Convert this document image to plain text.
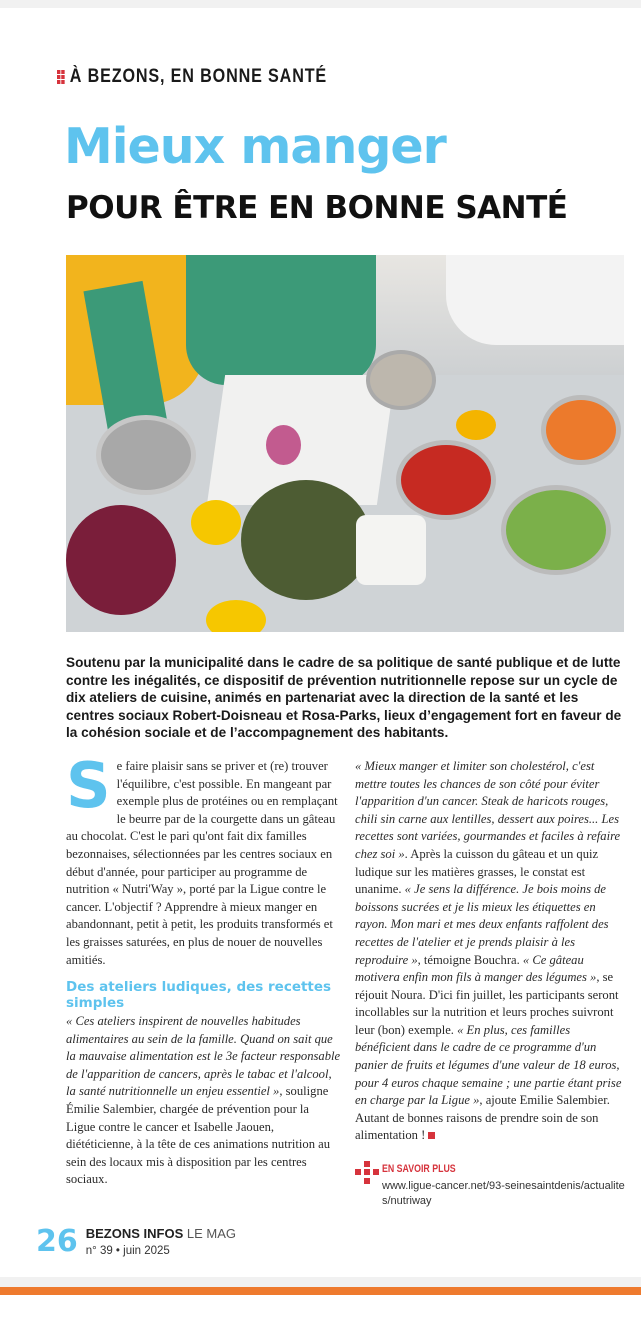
À BEZONS, EN BONNE SANTÉ
Mieux manger
POUR ÊTRE EN BONNE SANTÉ

Soutenu par la municipalité dans le cadre de sa politique de santé publique et de lutte contre les inégalités, ce dispositif de prévention nutritionnelle repose sur un cycle de dix ateliers de cuisine, animés en partenariat avec la direction de la santé et les centres sociaux Robert-Doisneau et Rosa-Parks, lieux d’engagement fort en faveur de la cohésion sociale et de l’accompagnement des habitants.

Se faire plaisir sans se priver et (re) trouver l'équilibre, c'est possible. En mangeant par exemple plus de protéines ou en remplaçant le beurre par de la courgette dans un gâteau au chocolat. C'est le pari qu'ont fait dix familles bezonnaises, sélectionnées par les centres sociaux en début d'année, pour participer au programme de nutrition « Nutri'Way », porté par la Ligue contre le cancer. L'objectif ? Apprendre à mieux manger en abandonnant, petit à petit, les produits transformés et les graisses saturées, en plus de nouer de nouvelles amitiés.

Des ateliers ludiques, des recettes simples

« Ces ateliers inspirent de nouvelles habitudes alimentaires au sein de la famille. Quand on sait que la mauvaise alimentation est le 3e facteur responsable de l'apparition de cancers, après le tabac et l'alcool, la santé nutritionnelle un enjeu essentiel », souligne Émilie Salembier, chargée de prévention pour la Ligue contre le cancer et Isabelle Jaouen, diététicienne, à la tête de ces animations nutrition au sein des locaux mis à disposition par les centres sociaux.

« Mieux manger et limiter son cholestérol, c'est mettre toutes les chances de son côté pour éviter l'apparition d'un cancer. Steak de haricots rouges, chili sin carne aux lentilles, dessert aux poires... Les recettes sont variées, gourmandes et faciles à refaire chez soi ». Après la cuisson du gâteau et un quiz ludique sur les matières grasses, le constat est unanime. « Je sens la différence. Je bois moins de boissons sucrées et je lis mieux les étiquettes en rayon. Mon mari et mes deux enfants raffolent des recettes de l'atelier et je prends plaisir à les reproduire », témoigne Bouchra. « Ce gâteau motivera enfin mon fils à manger des légumes », se réjouit Noura. D'ici fin juillet, les participants seront incollables sur la nutrition et leurs proches suivront leur (bon) exemple. « En plus, ces familles bénéficient dans le cadre de ce programme d'un panier de fruits et légumes d'une valeur de 18 euros, pour 4 euros chaque semaine ; une partie étant prise en charge par la Ligue », ajoute Emilie Salembier. Autant de bonnes raisons de prendre soin de son alimentation !

EN SAVOIR PLUS
www.ligue-cancer.net/93-seinesaintdenis/actualites/nutriway
26 BEZONS INFOS LE MAG
n° 39 • juin 2025
